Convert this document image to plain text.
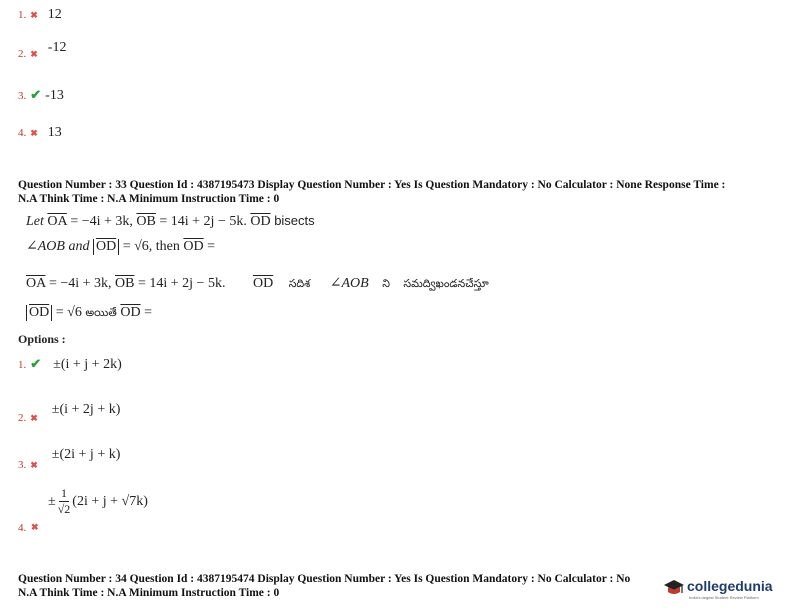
1. ✖ 12
2. ✖ -12
3. ✔ -13
4. ✖ 13
Question Number : 33 Question Id : 4387195473 Display Question Number : Yes Is Question Mandatory : No Calculator : None Response Time :
N.A Think Time : N.A Minimum Instruction Time : 0
Let $\overline{OA} = -4i + 3k$, $\overline{OB} = 14i + 2j - 5k$. $\overline{OD}$ bisects
∠AOB and $\overline{OD} = √6$, then $\overline{OD}$ =
$\overline{OA} = -4i + 3k$, $\overline{OB} = 14i + 2j - 5k$. $\overline{OD}$ సదిశ ∠AOB ని సమద్విఖండనచేస్తూ
$\overline{OD} = √6$ అయితే $\overline{OD}$ =
Options :
1. ✔ ±(i + j + 2k)
$_{2.}$ $_✖$ ±(i + 2j + k)
$_{3.}$ $_✖$ ±(2i + j + k)
4. ✖
± $\frac{1}{√2} (2i + j + √7k)$
Question Number : 34 Question Id : 4387195474 Display Question Number : Yes Is Question Mandatory : No Calculator : No
N.A Think Time : N.A Minimum Instruction Time : 0	collegedunia
India's largest Student Review Platform
